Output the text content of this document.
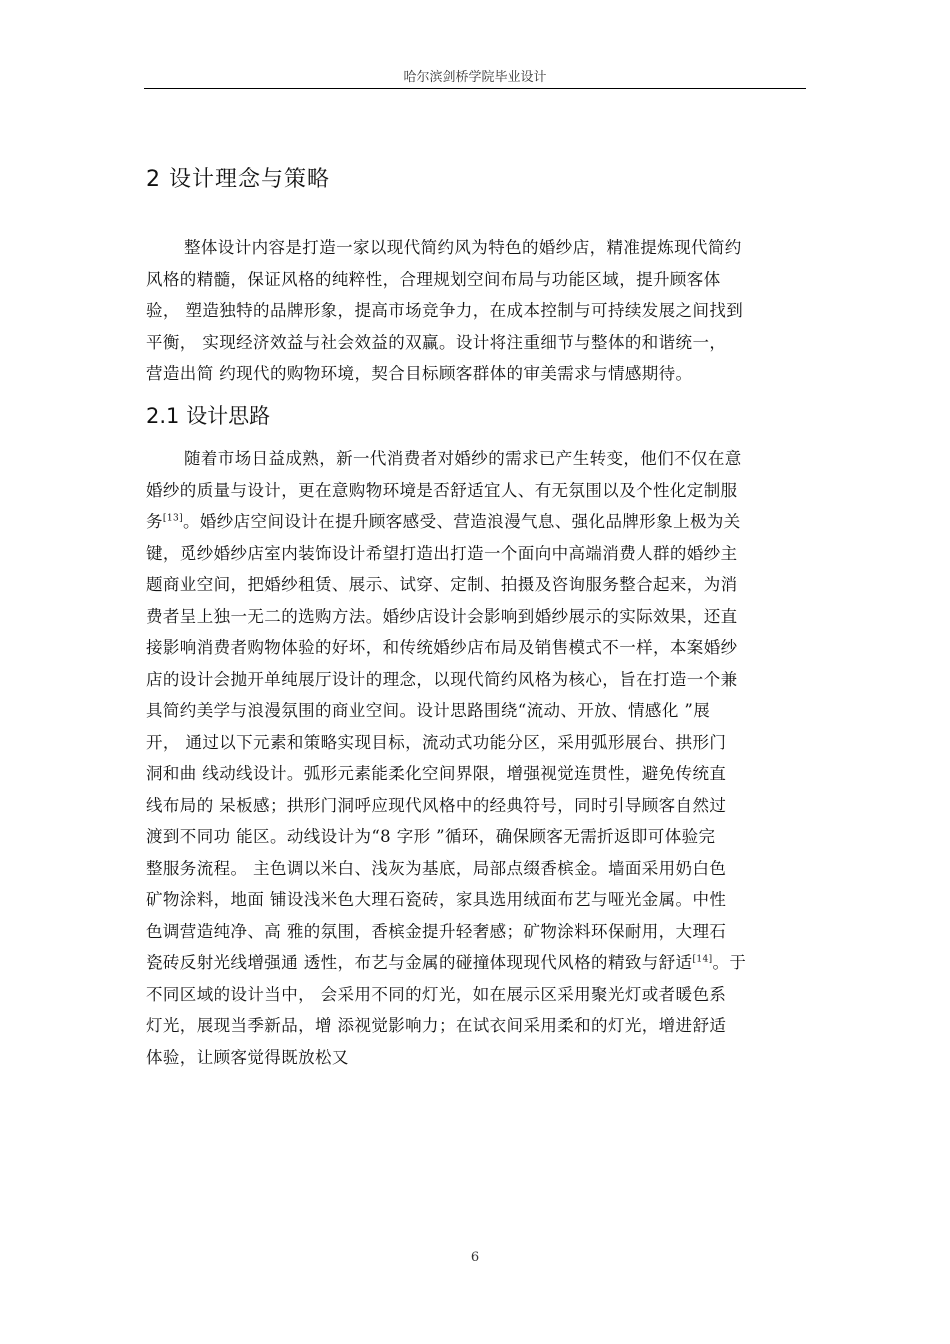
哈尔滨剑桥学院毕业设计
2 设计理念与策略
整体设计内容是打造一家以现代简约风为特色的婚纱店，精准提炼现代简约
风格的精髓，保证风格的纯粹性，合理规划空间布局与功能区域，提升顾客体
验， 塑造独特的品牌形象，提高市场竞争力，在成本控制与可持续发展之间找到
平衡， 实现经济效益与社会效益的双赢。设计将注重细节与整体的和谐统一，
营造出简 约现代的购物环境，契合目标顾客群体的审美需求与情感期待。
2.1 设计思路
随着市场日益成熟，新一代消费者对婚纱的需求已产生转变，他们不仅在意
婚纱的质量与设计，更在意购物环境是否舒适宜人、有无氛围以及个性化定制服
务[13]。婚纱店空间设计在提升顾客感受、营造浪漫气息、强化品牌形象上极为关
键，觅纱婚纱店室内装饰设计希望打造出打造一个面向中高端消费人群的婚纱主
题商业空间，把婚纱租赁、展示、试穿、定制、拍摄及咨询服务整合起来，为消
费者呈上独一无二的选购方法。婚纱店设计会影响到婚纱展示的实际效果，还直
接影响消费者购物体验的好坏，和传统婚纱店布局及销售模式不一样，本案婚纱
店的设计会抛开单纯展厅设计的理念，以现代简约风格为核心，旨在打造一个兼
具简约美学与浪漫氛围的商业空间。设计思路围绕“流动、开放、情感化 ”展
开， 通过以下元素和策略实现目标，流动式功能分区，采用弧形展台、拱形门
洞和曲 线动线设计。弧形元素能柔化空间界限，增强视觉连贯性，避免传统直
线布局的 呆板感；拱形门洞呼应现代风格中的经典符号，同时引导顾客自然过
渡到不同功 能区。动线设计为“8 字形 ”循环，确保顾客无需折返即可体验完
整服务流程。 主色调以米白、浅灰为基底，局部点缀香槟金。墙面采用奶白色
矿物涂料，地面 铺设浅米色大理石瓷砖，家具选用绒面布艺与哑光金属。中性
色调营造纯净、高 雅的氛围，香槟金提升轻奢感；矿物涂料环保耐用，大理石
瓷砖反射光线增强通 透性，布艺与金属的碰撞体现现代风格的精致与舒适[14]。于
不同区域的设计当中， 会采用不同的灯光，如在展示区采用聚光灯或者暖色系
灯光，展现当季新品，增 添视觉影响力；在试衣间采用柔和的灯光，增进舒适
体验，让顾客觉得既放松又
6
